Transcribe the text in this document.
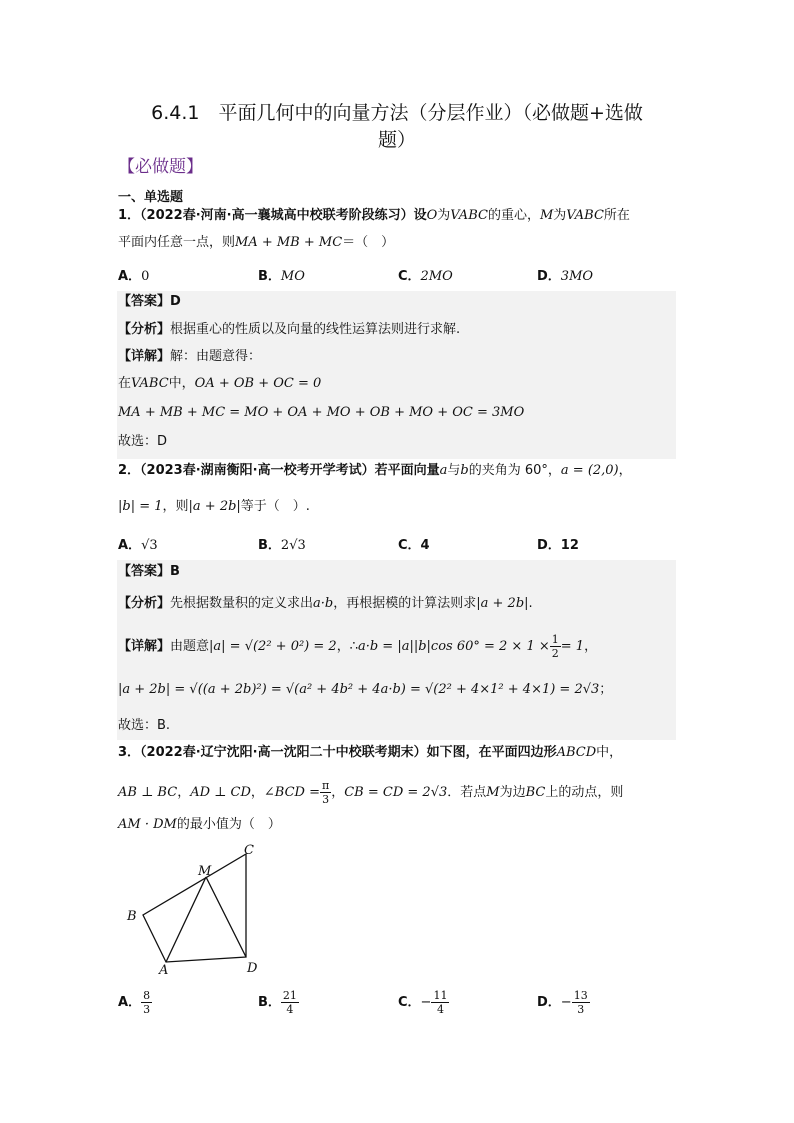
6.4.1　平面几何中的向量方法（分层作业）（必做题+选做
题）
【必做题】
一、单选题
1．（2022春·河南·高一襄城高中校联考阶段练习）设O为VABC的重心，M为VABC所在
平面内任意一点，则MA + MB + MC＝（　）
A．0	B．MO	C．2MO	D．3MO
【答案】D
【分析】根据重心的性质以及向量的线性运算法则进行求解.
【详解】解：由题意得：
在VABC中，OA + OB + OC = 0
MA + MB + MC = MO + OA + MO + OB + MO + OC = 3MO
故选：D
2．（2023春·湖南衡阳·高一校考开学考试）若平面向量a与b的夹角为 60°，a = (2,0)，
|b| = 1，则|a + 2b|等于（　）.
A．√3	B．2√3	C．4	D．12
【答案】B
【分析】先根据数量积的定义求出a·b，再根据模的计算法则求|a + 2b|.
【详解】由题意|a| = √(2² + 0²) = 2，∴a·b = |a||b|cos $60^\circ = 2 \times 1 \times \frac{1}{2} = 1$，
|a + 2b| = √((a + 2b)²) = √(a² + 4b² + 4a·b) = √(2² + 4×1² + 4×1) = 2√3；
故选：B.
3．（2022春·辽宁沈阳·高一沈阳二十中校联考期末）如下图，在平面四边形ABCD中，
AB ⊥ BC，AD ⊥ CD，∠BCD = $\frac{\pi}{3}$ ，CB = CD = 2√3．若点M为边BC上的动点，则
AM · DM的最小值为（　）
B
A	D
C
M
A． $\frac{8}{3}$	B． $\frac{21}{4}$	C．− $\frac{11}{4}$	D．− $\frac{13}{3}$
